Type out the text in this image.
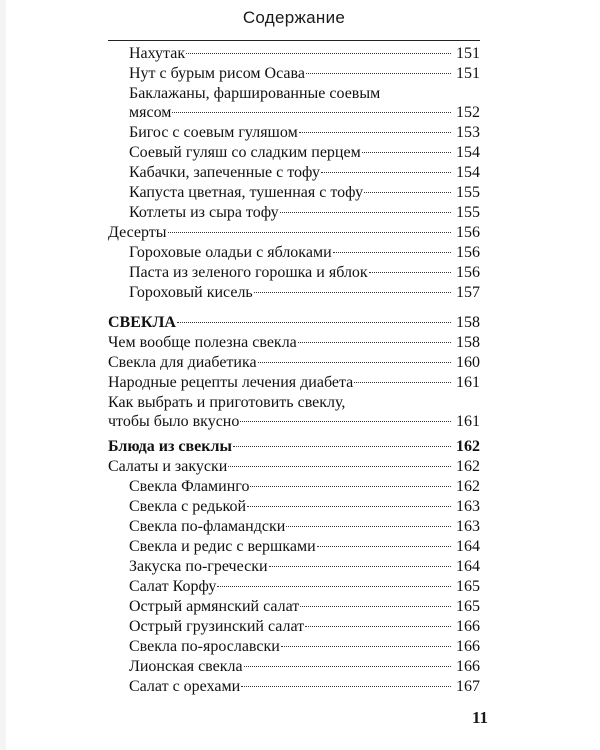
Содержание
Нахутак	151
Нут с бурым рисом Осава	151
Баклажаны, фаршированные соевым
мясом	152
Бигос с соевым гуляшом	153
Соевый гуляш со сладким перцем	154
Кабачки, запеченные с тофу	154
Капуста цветная, тушенная с тофу	155
Котлеты из сыра тофу	155
Десерты	156
Гороховые оладьи с яблоками	156
Паста из зеленого горошка и яблок	156
Гороховый кисель	157
СВЕКЛА	158
Чем вообще полезна свекла	158
Свекла для диабетика	160
Народные рецепты лечения диабета	161
Как выбрать и приготовить свеклу,
чтобы было вкусно	161
Блюда из свеклы	162
Салаты и закуски	162
Свекла Фламинго	162
Свекла с редькой	163
Свекла по-фламандски	163
Свекла и редис с вершками	164
Закуска по-гречески	164
Салат Корфу	165
Острый армянский салат	165
Острый грузинский салат	166
Свекла по-ярославски	166
Лионская свекла	166
Салат с орехами	167
11
